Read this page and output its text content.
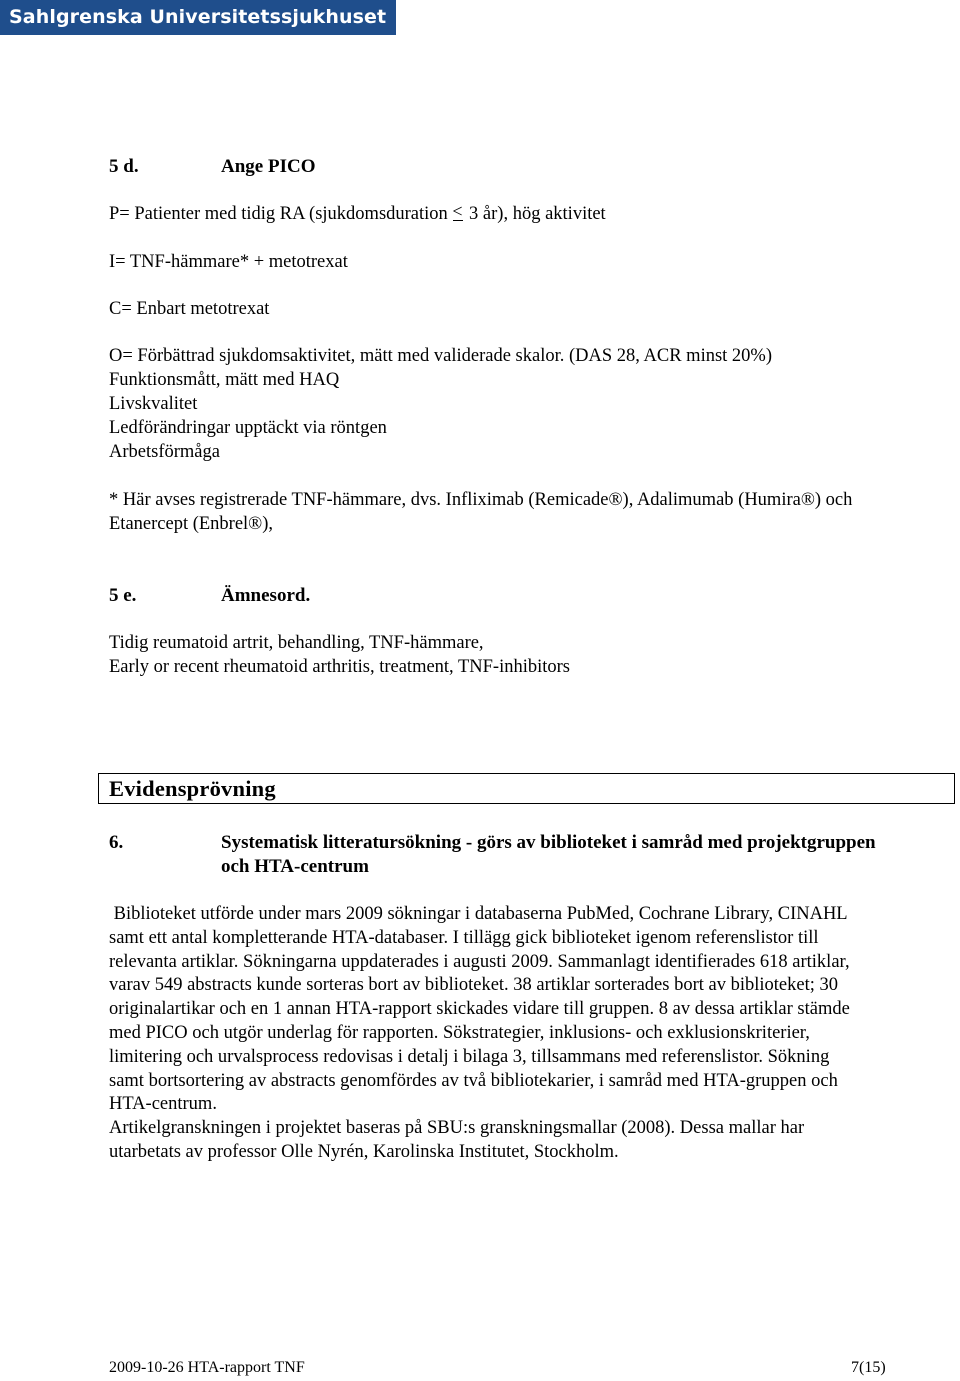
Sahlgrenska Universitetssjukhuset
5 d.	Ange PICO
P= Patienter med tidig RA (sjukdomsduration < 3 år), hög aktivitet
I= TNF-hämmare* + metotrexat
C= Enbart metotrexat
O= Förbättrad sjukdomsaktivitet, mätt med validerade skalor. (DAS 28, ACR minst 20%)
Funktionsmått, mätt med HAQ
Livskvalitet
Ledförändringar upptäckt via röntgen
Arbetsförmåga
* Här avses registrerade TNF-hämmare, dvs. Infliximab (Remicade®), Adalimumab (Humira®) och
Etanercept (Enbrel®),
5 e.	Ämnesord.
Tidig reumatoid artrit, behandling, TNF-hämmare,
Early or recent rheumatoid arthritis, treatment, TNF-inhibitors
Evidensprövning
6.	Systematisk litteratursökning - görs av biblioteket i samråd med projektgruppen
och HTA-centrum
Biblioteket utförde under mars 2009 sökningar i databaserna PubMed, Cochrane Library, CINAHL
samt ett antal kompletterande HTA-databaser. I tillägg gick biblioteket igenom referenslistor till
relevanta artiklar. Sökningarna uppdaterades i augusti 2009. Sammanlagt identifierades 618 artiklar,
varav 549 abstracts kunde sorteras bort av biblioteket. 38 artiklar sorterades bort av biblioteket; 30
originalartikar och en 1 annan HTA-rapport skickades vidare till gruppen. 8 av dessa artiklar stämde
med PICO och utgör underlag för rapporten. Sökstrategier, inklusions- och exklusionskriterier,
limitering och urvalsprocess redovisas i detalj i bilaga 3, tillsammans med referenslistor. Sökning
samt bortsortering av abstracts genomfördes av två bibliotekarier, i samråd med HTA-gruppen och
HTA-centrum.
Artikelgranskningen i projektet baseras på SBU:s granskningsmallar (2008). Dessa mallar har
utarbetats av professor Olle Nyrén, Karolinska Institutet, Stockholm.
2009-10-26 HTA-rapport TNF	7(15)
